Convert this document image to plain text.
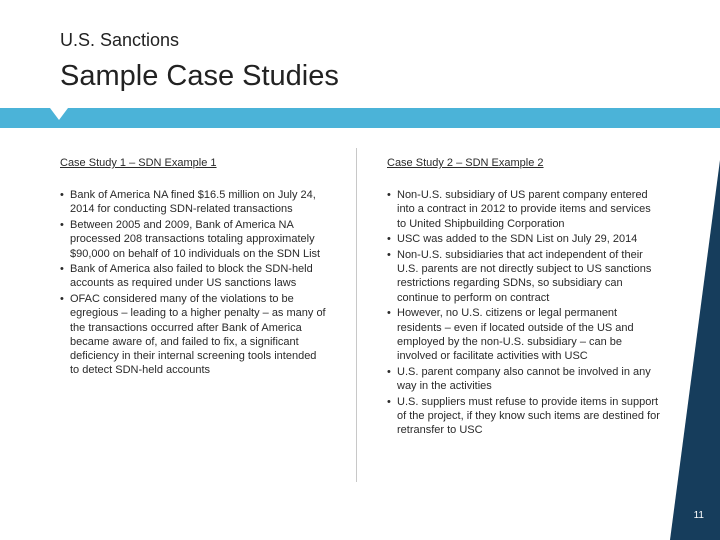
U.S. Sanctions
Sample Case Studies
Case Study 1 – SDN Example 1
• Bank of America NA fined $16.5 million on July 24, 2014 for conducting SDN-related transactions
• Between 2005 and 2009, Bank of America NA processed 208 transactions totaling approximately $90,000 on behalf of 10 individuals on the SDN List
• Bank of America also failed to block the SDN-held accounts as required under US sanctions laws
• OFAC considered many of the violations to be egregious – leading to a higher penalty – as many of the transactions occurred after Bank of America became aware of, and failed to fix, a significant deficiency in their internal screening tools intended to detect SDN-held accounts
Case Study 2 – SDN Example 2
• Non-U.S. subsidiary of US parent company entered into a contract in 2012 to provide items and services to United Shipbuilding Corporation
• USC was added to the SDN List on July 29, 2014
• Non-U.S. subsidiaries that act independent of their U.S. parents are not directly subject to US sanctions restrictions regarding SDNs, so subsidiary can continue to perform on contract
• However, no U.S. citizens or legal permanent residents – even if located outside of the US and employed by the non-U.S. subsidiary – can be involved or facilitate activities with USC
• U.S. parent company also cannot be involved in any way in the activities
• U.S. suppliers must refuse to provide items in support of the project, if they know such items are destined for retransfer to USC
11
